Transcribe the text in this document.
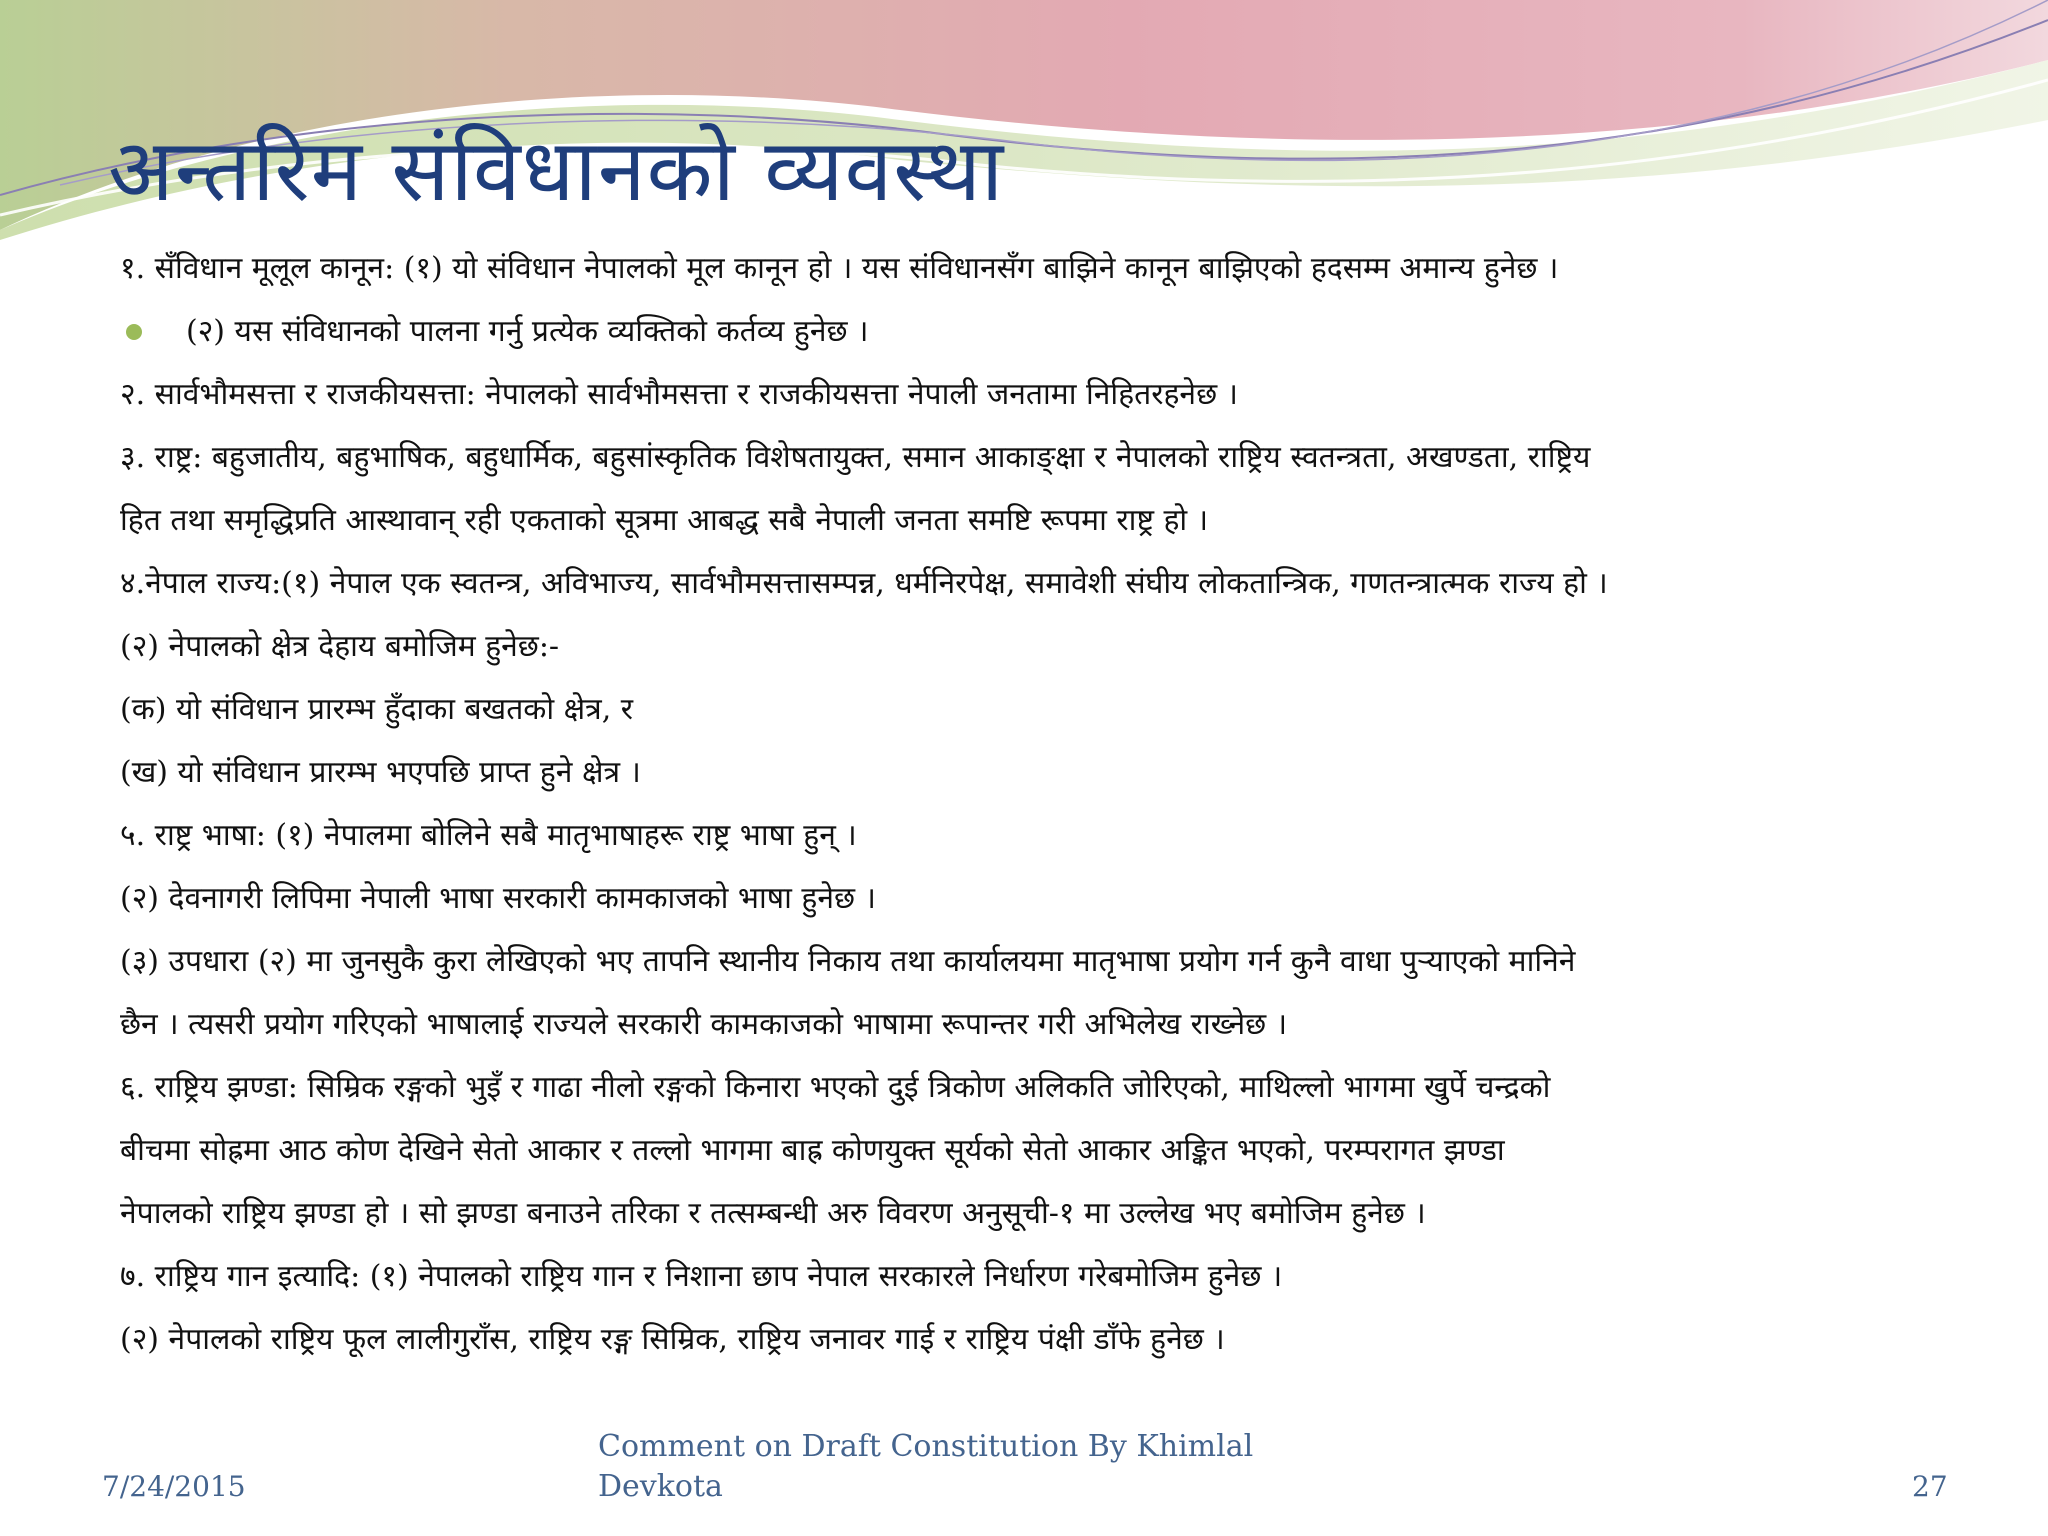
अन्तरिम संविधानको व्यवस्था
१. सँविधान मूलूल कानून: (१) यो संविधान नेपालको मूल कानून हो । यस संविधानसँग बाझिने कानून बाझिएको हदसम्म अमान्य हुनेछ ।
(२) यस संविधानको पालना गर्नु प्रत्येक व्यक्तिको कर्तव्य हुनेछ ।
२. सार्वभौमसत्ता र राजकीयसत्ता: नेपालको सार्वभौमसत्ता र राजकीयसत्ता नेपाली जनतामा निहितरहनेछ ।
३. राष्ट्र: बहुजातीय, बहुभाषिक, बहुधार्मिक, बहुसांस्कृतिक विशेषतायुक्त, समान आकाङ्क्षा र नेपालको राष्ट्रिय स्वतन्त्रता, अखण्डता, राष्ट्रिय
हित तथा समृद्धिप्रति आस्थावान् रही एकताको सूत्रमा आबद्ध सबै नेपाली जनता समष्टि रूपमा राष्ट्र हो ।
४.नेपाल राज्य:(१) नेपाल एक स्वतन्त्र, अविभाज्य, सार्वभौमसत्तासम्पन्न, धर्मनिरपेक्ष, समावेशी संघीय लोकतान्त्रिक, गणतन्त्रात्मक राज्य हो ।
(२) नेपालको क्षेत्र देहाय बमोजिम हुनेछ:-
(क) यो संविधान प्रारम्भ हुँदाका बखतको क्षेत्र, र
(ख) यो संविधान प्रारम्भ भएपछि प्राप्त हुने क्षेत्र ।
५. राष्ट्र भाषा: (१) नेपालमा बोलिने सबै मातृभाषाहरू राष्ट्र भाषा हुन् ।
(२) देवनागरी लिपिमा नेपाली भाषा सरकारी कामकाजको भाषा हुनेछ ।
(३) उपधारा (२) मा जुनसुकै कुरा लेखिएको भए तापनि स्थानीय निकाय तथा कार्यालयमा मातृभाषा प्रयोग गर्न कुनै वाधा पुर्‍याएको मानिने
छैन । त्यसरी प्रयोग गरिएको भाषालाई राज्यले सरकारी कामकाजको भाषामा रूपान्तर गरी अभिलेख राख्नेछ ।
६. राष्ट्रिय झण्डा: सिम्रिक रङ्गको भुइँ र गाढा नीलो रङ्गको किनारा भएको दुई त्रिकोण अलिकति जोरिएको, माथिल्लो भागमा खुर्पे चन्द्रको
बीचमा सोह्रमा आठ कोण देखिने सेतो आकार र तल्लो भागमा बाह्र कोणयुक्त सूर्यको सेतो आकार अङ्कित भएको, परम्परागत झण्डा
नेपालको राष्ट्रिय झण्डा हो । सो झण्डा बनाउने तरिका र तत्सम्बन्धी अरु विवरण अनुसूची-१ मा उल्लेख भए बमोजिम हुनेछ ।
७. राष्ट्रिय गान इत्यादि: (१) नेपालको राष्ट्रिय गान र निशाना छाप नेपाल सरकारले निर्धारण गरेबमोजिम हुनेछ ।
(२) नेपालको राष्ट्रिय फूल लालीगुराँस, राष्ट्रिय रङ्ग सिम्रिक, राष्ट्रिय जनावर गाई र राष्ट्रिय पंक्षी डाँफे हुनेछ ।
7/24/2015
Comment on Draft Constitution By Khimlal
Devkota	27
